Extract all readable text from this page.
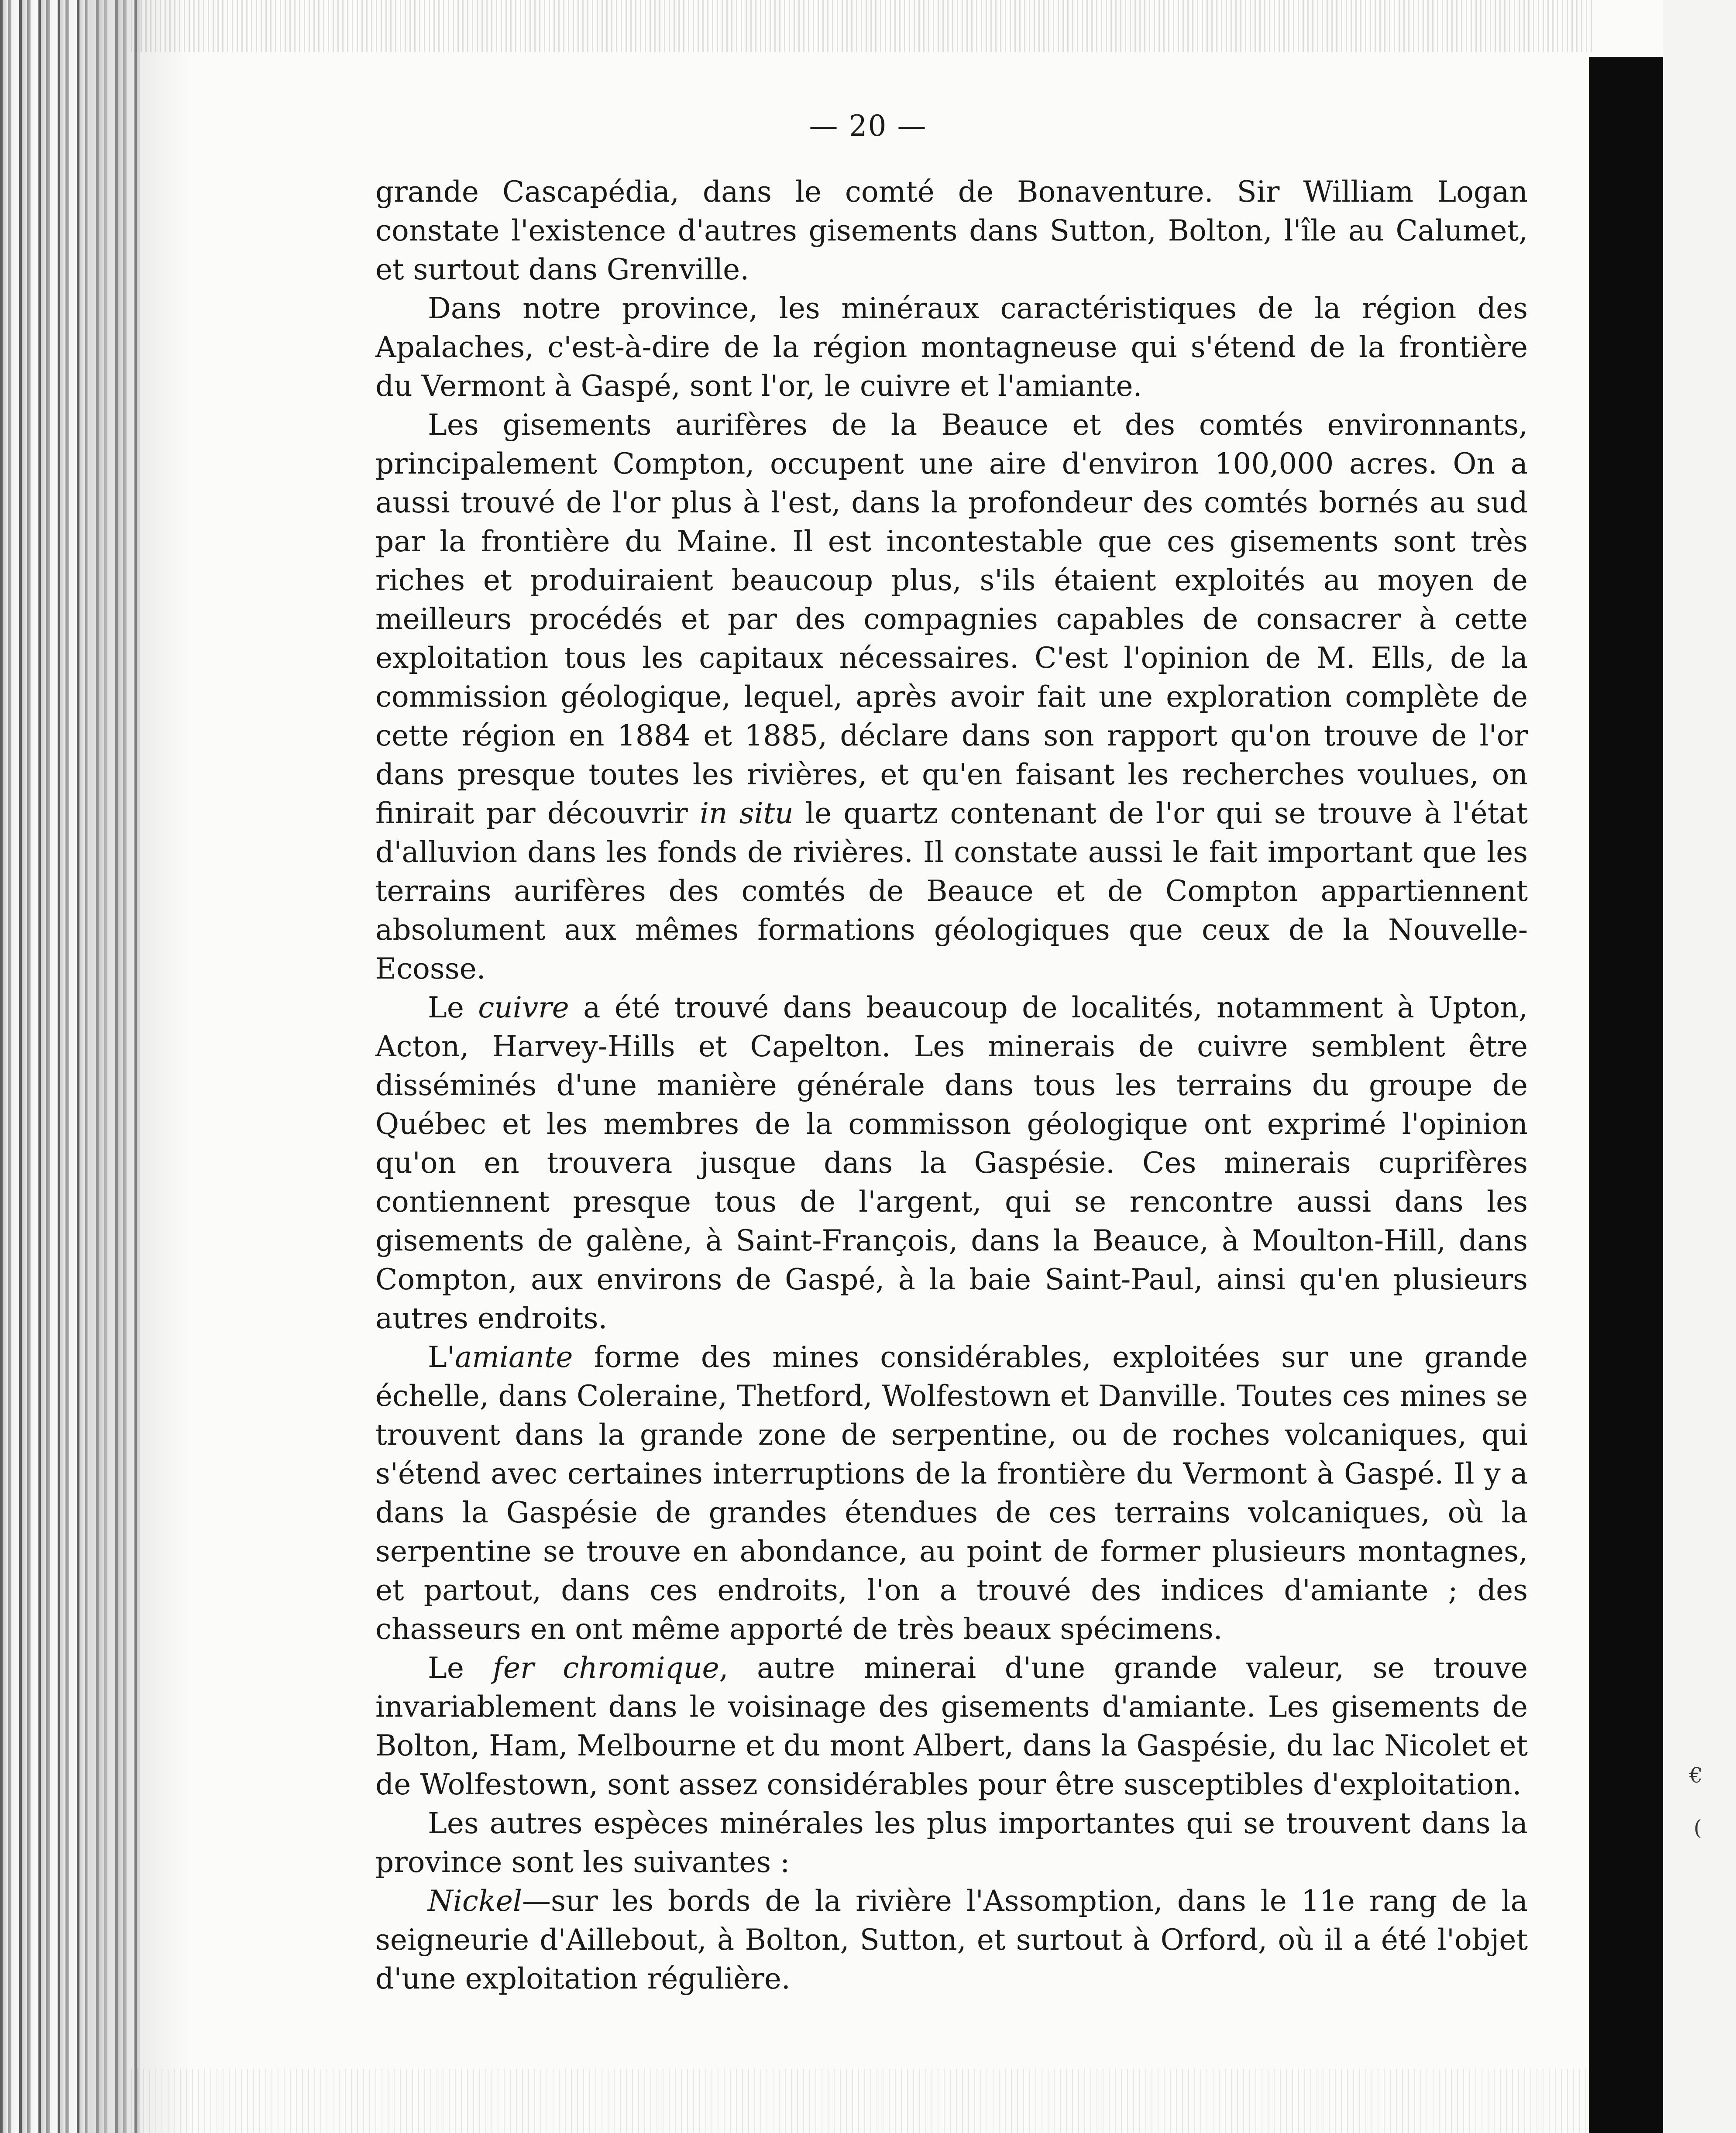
€
(
— 20 —

grande Cascapédia, dans le comté de Bonaventure. Sir William Logan constate l'existence d'autres gisements dans Sutton, Bolton, l'île au Calumet, et surtout dans Grenville.

Dans notre province, les minéraux caractéristiques de la région des Apalaches, c'est-à-dire de la région montagneuse qui s'étend de la frontière du Vermont à Gaspé, sont l'or, le cuivre et l'amiante.

Les gisements aurifères de la Beauce et des comtés environnants, principalement Compton, occupent une aire d'environ 100,000 acres. On a aussi trouvé de l'or plus à l'est, dans la profondeur des comtés bornés au sud par la frontière du Maine. Il est incontestable que ces gisements sont très riches et produiraient beaucoup plus, s'ils étaient exploités au moyen de meilleurs procédés et par des compagnies capables de consacrer à cette exploitation tous les capitaux nécessaires. C'est l'opinion de M. Ells, de la commission géologique, lequel, après avoir fait une exploration complète de cette région en 1884 et 1885, déclare dans son rapport qu'on trouve de l'or dans presque toutes les rivières, et qu'en faisant les recherches voulues, on finirait par découvrir in situ le quartz contenant de l'or qui se trouve à l'état d'alluvion dans les fonds de rivières. Il constate aussi le fait important que les terrains aurifères des comtés de Beauce et de Compton appartiennent absolument aux mêmes formations géologiques que ceux de la Nouvelle-Ecosse.

Le cuivre a été trouvé dans beaucoup de localités, notamment à Upton, Acton, Harvey-Hills et Capelton. Les minerais de cuivre semblent être disséminés d'une manière générale dans tous les terrains du groupe de Québec et les membres de la commisson géologique ont exprimé l'opinion qu'on en trouvera jusque dans la Gaspésie. Ces minerais cuprifères contiennent presque tous de l'argent, qui se rencontre aussi dans les gisements de galène, à Saint-François, dans la Beauce, à Moulton-Hill, dans Compton, aux environs de Gaspé, à la baie Saint-Paul, ainsi qu'en plusieurs autres endroits.

L'amiante forme des mines considérables, exploitées sur une grande échelle, dans Coleraine, Thetford, Wolfestown et Danville. Toutes ces mines se trouvent dans la grande zone de serpentine, ou de roches volcaniques, qui s'étend avec certaines interruptions de la frontière du Vermont à Gaspé. Il y a dans la Gaspésie de grandes étendues de ces terrains volcaniques, où la serpentine se trouve en abondance, au point de former plusieurs montagnes, et partout, dans ces endroits, l'on a trouvé des indices d'amiante ; des chasseurs en ont même apporté de très beaux spécimens.

Le fer chromique, autre minerai d'une grande valeur, se trouve invariablement dans le voisinage des gisements d'amiante. Les gisements de Bolton, Ham, Melbourne et du mont Albert, dans la Gaspésie, du lac Nicolet et de Wolfestown, sont assez considérables pour être susceptibles d'exploitation.

Les autres espèces minérales les plus importantes qui se trouvent dans la province sont les suivantes :

Nickel—sur les bords de la rivière l'Assomption, dans le 11e rang de la seigneurie d'Aillebout, à Bolton, Sutton, et surtout à Orford, où il a été l'objet d'une exploitation régulière.
